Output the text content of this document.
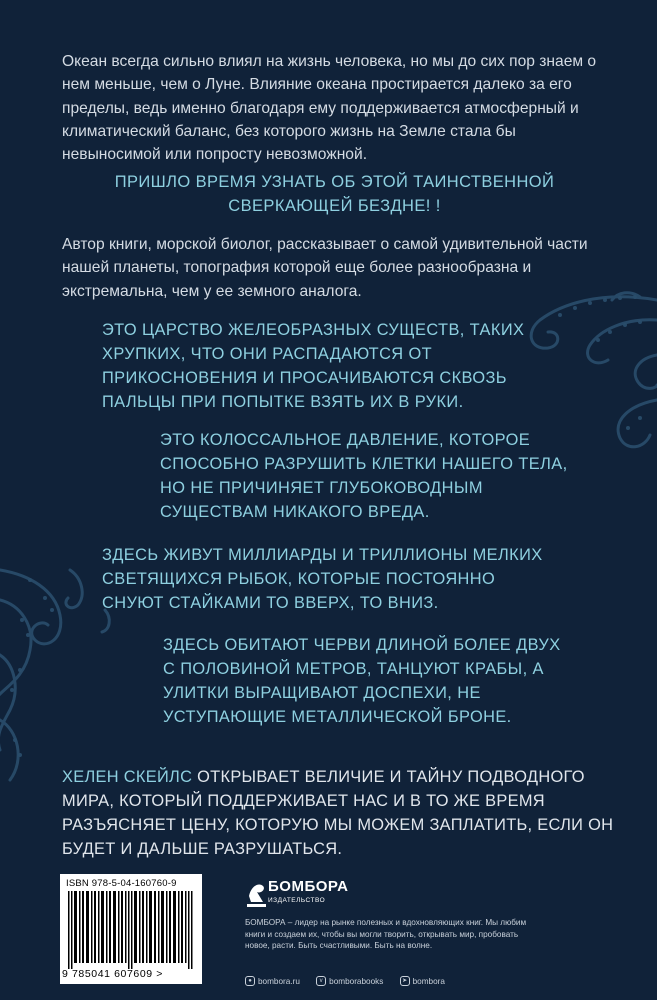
Океан всегда сильно влиял на жизнь человека, но мы до сих пор знаем о нем меньше, чем о Луне. Влияние океана простирается далеко за его пределы, ведь именно благодаря ему поддерживается атмосферный и климатический баланс, без которого жизнь на Земле стала бы невыносимой или попросту невозможной.
ПРИШЛО ВРЕМЯ УЗНАТЬ ОБ ЭТОЙ ТАИНСТВЕННОЙ СВЕРКАЮЩЕЙ БЕЗДНЕ! !
Автор книги, морской биолог, рассказывает о самой удивительной части нашей планеты, топография которой еще более разнообразна и экстремальна, чем у ее земного аналога.
ЭТО ЦАРСТВО ЖЕЛЕОБРАЗНЫХ СУЩЕСТВ, ТАКИХ ХРУПКИХ, ЧТО ОНИ РАСПАДАЮТСЯ ОТ ПРИКОСНОВЕНИЯ И ПРОСАЧИВАЮТСЯ СКВОЗЬ ПАЛЬЦЫ ПРИ ПОПЫТКЕ ВЗЯТЬ ИХ В РУКИ.
ЭТО КОЛОССАЛЬНОЕ ДАВЛЕНИЕ, КОТОРОЕ СПОСОБНО РАЗРУШИТЬ КЛЕТКИ НАШЕГО ТЕЛА, НО НЕ ПРИЧИНЯЕТ ГЛУБОКОВОДНЫМ СУЩЕСТВАМ НИКАКОГО ВРЕДА.
ЗДЕСЬ ЖИВУТ МИЛЛИАРДЫ И ТРИЛЛИОНЫ МЕЛКИХ СВЕТЯЩИХСЯ РЫБОК, КОТОРЫЕ ПОСТОЯННО СНУЮТ СТАЙКАМИ ТО ВВЕРХ, ТО ВНИЗ.
ЗДЕСЬ ОБИТАЮТ ЧЕРВИ ДЛИНОЙ БОЛЕЕ ДВУХ С ПОЛОВИНОЙ МЕТРОВ, ТАНЦУЮТ КРАБЫ, А УЛИТКИ ВЫРАЩИВАЮТ ДОСПЕХИ, НЕ УСТУПАЮЩИЕ МЕТАЛЛИЧЕСКОЙ БРОНЕ.
ХЕЛЕН СКЕЙЛС ОТКРЫВАЕТ ВЕЛИЧИЕ И ТАЙНУ ПОДВОДНОГО МИРА, КОТОРЫЙ ПОДДЕРЖИВАЕТ НАС И В ТО ЖЕ ВРЕМЯ РАЗЪЯСНЯЕТ ЦЕНУ, КОТОРУЮ МЫ МОЖЕМ ЗАПЛАТИТЬ, ЕСЛИ ОН БУДЕТ И ДАЛЬШЕ РАЗРУШАТЬСЯ.
ISBN 978-5-04-160760-9
9 785041 607609 >
БОМБОРА
ИЗДАТЕЛЬСТВО
БОМБОРА – лидер на рынке полезных и вдохновляющих книг. Мы любим книги и создаем их, чтобы вы могли творить, открывать мир, пробовать новое, расти. Быть счастливыми. Быть на волне.
● bombora.ru
	v bomborabooks
	➤ bombora
